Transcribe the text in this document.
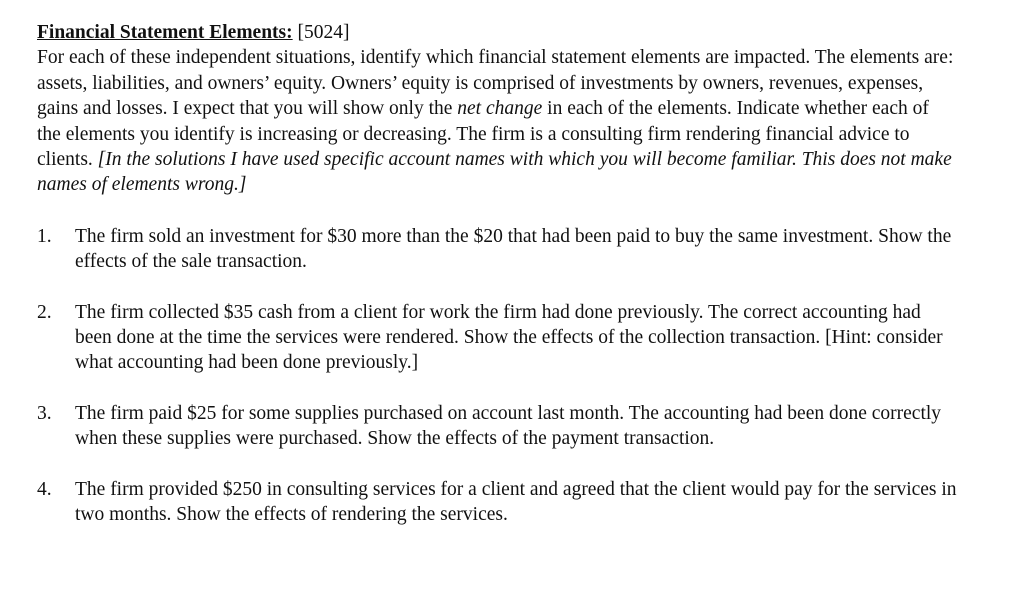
Financial Statement Elements: [5024]
For each of these independent situations, identify which financial statement elements are impacted. The elements are: assets, liabilities, and owners’ equity. Owners’ equity is comprised of investments by owners, revenues, expenses, gains and losses. I expect that you will show only the net change in each of the elements. Indicate whether each of the elements you identify is increasing or decreasing. The firm is a consulting firm rendering financial advice to clients. [In the solutions I have used specific account names with which you will become familiar. This does not make names of elements wrong.]

1.	The firm sold an investment for $30 more than the $20 that had been paid to buy the same investment. Show the effects of the sale transaction.
2.	The firm collected $35 cash from a client for work the firm had done previously. The correct accounting had been done at the time the services were rendered. Show the effects of the collection transaction. [Hint: consider what accounting had been done previously.]
3.	The firm paid $25 for some supplies purchased on account last month. The accounting had been done correctly when these supplies were purchased. Show the effects of the payment transaction.
4.	The firm provided $250 in consulting services for a client and agreed that the client would pay for the services in two months. Show the effects of rendering the services.
